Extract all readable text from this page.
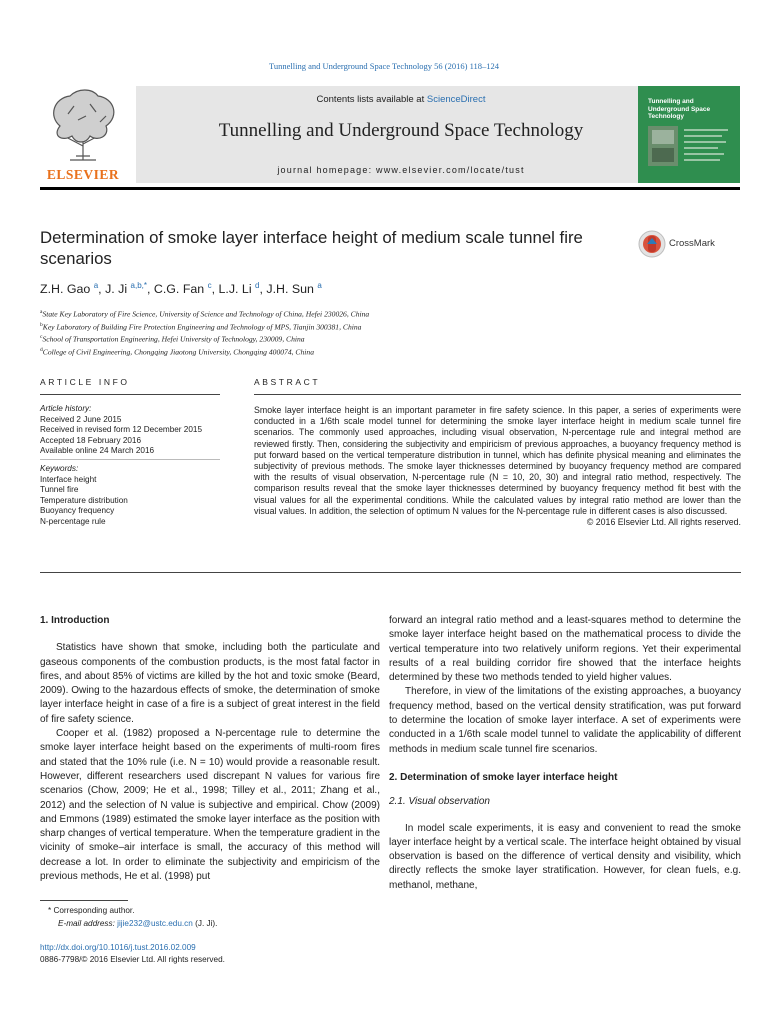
Tunnelling and Underground Space Technology 56 (2016) 118–124
ELSEVIER
Contents lists available at ScienceDirect
Tunnelling and Underground Space Technology
journal homepage: www.elsevier.com/locate/tust
Tunnelling and Underground Space Technology
Determination of smoke layer interface height of medium scale tunnel fire scenarios
CrossMark
Z.H. Gao $^a$, J. Ji $^{a,b,*}$, C.G. Fan $^c$, L.J. Li $^d$, J.H. Sun $^a$
$^a$State Key Laboratory of Fire Science, University of Science and Technology of China, Hefei 230026, China
$^b$Key Laboratory of Building Fire Protection Engineering and Technology of MPS, Tianjin 300381, China
$^c$School of Transportation Engineering, Hefei University of Technology, 230009, China
$^d$College of Civil Engineering, Chongqing Jiaotong University, Chongqing 400074, China
ARTICLE INFO	ABSTRACT
Article history:
Received 2 June 2015
Received in revised form 12 December 2015
Accepted 18 February 2016
Available online 24 March 2016
Keywords:
Interface height
Tunnel fire
Temperature distribution
Buoyancy frequency
N-percentage rule
Smoke layer interface height is an important parameter in fire safety science. In this paper, a series of experiments were conducted in a 1/6th scale model tunnel for determining the smoke layer interface height in medium scale tunnel fire scenarios. The commonly used approaches, including visual observation, N-percentage rule and integral method are reviewed firstly. Then, considering the subjectivity and empiricism of previous approaches, a buoyancy frequency method is put forward based on the vertical temperature distribution in tunnel, which has definite physical meaning and eliminates the subjectivity of previous methods. The smoke layer thicknesses determined by buoyancy frequency method are compared with the results of visual observation, N-percentage rule (N = 10, 20, 30) and integral ratio method, respectively. The comparison results reveal that the smoke layer thicknesses determined by buoyancy frequency method fit best with the visual values for all the experimental conditions. While the calculated values by integral ratio method are lower than the visual values. In addition, the selection of optimum N values for the N-percentage rule in different cases is also discussed.
© 2016 Elsevier Ltd. All rights reserved.
1. Introduction

Statistics have shown that smoke, including both the particulate and gaseous components of the combustion products, is the most fatal factor in fires, and about 85% of victims are killed by the hot and toxic smoke (Beard, 2009). Owing to the hazardous effects of smoke, the determination of smoke layer interface height in case of a fire is a subject of great interest in the field of fire safety science.

Cooper et al. (1982) proposed a N-percentage rule to determine the smoke layer interface height based on the experiments of multi-room fires and stated that the 10% rule (i.e. N = 10) would provide a reasonable result. However, different researchers used discrepant N values for various fire scenarios (Chow, 2009; He et al., 1998; Tilley et al., 2011; Zhang et al., 2012) and the selection of N value is subjective and empirical. Chow (2009) and Emmons (1989) estimated the smoke layer interface as the position with sharp changes of vertical temperature. When the temperature gradient in the vicinity of smoke–air interface is small, the accuracy of this method will decrease a lot. In order to eliminate the subjectivity and empiricism of the previous methods, He et al. (1998) put

forward an integral ratio method and a least-squares method to determine the smoke layer interface height based on the mathematical process to divide the vertical temperature into two relatively uniform regions. Yet their experimental results of a real building corridor fire showed that the interface heights determined by these two methods tended to yield higher values.

Therefore, in view of the limitations of the existing approaches, a buoyancy frequency method, based on the vertical density stratification, was put forward to determine the location of smoke layer interface. A set of experiments were conducted in a 1/6th scale model tunnel to validate the applicability of different methods in medium scale tunnel fire scenarios.

2. Determination of smoke layer interface height
2.1. Visual observation

In model scale experiments, it is easy and convenient to read the smoke layer interface height by a vertical scale. The interface height obtained by visual observation is based on the difference of vertical density and visibility, which directly reflects the smoke layer stratification. However, for clean fuels, e.g. methanol, methane,

* Corresponding author.
E-mail address: jijie232@ustc.edu.cn (J. Ji).
http://dx.doi.org/10.1016/j.tust.2016.02.009
0886-7798/© 2016 Elsevier Ltd. All rights reserved.
